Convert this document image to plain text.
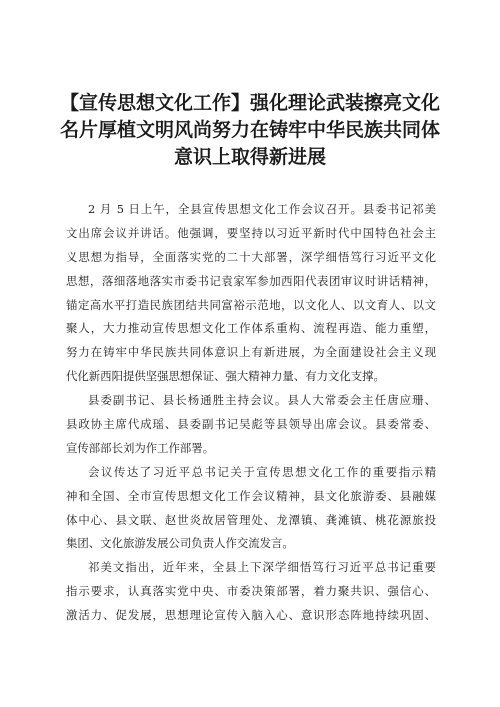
【宣传思想文化工作】强化理论武装擦亮文化
名片厚植文明风尚努力在铸牢中华民族共同体
意识上取得新进展
2 月 5 日上午，全县宣传思想文化工作会议召开。县委书记祁美
文出席会议并讲话。他强调，要坚持以习近平新时代中国特色社会主
义思想为指导，全面落实党的二十大部署，深学细悟笃行习近平文化
思想，落细落地落实市委书记袁家军参加西阳代表团审议时讲话精神，
锚定高水平打造民族团结共同富裕示范地，以文化人、以文育人、以文
聚人，大力推动宣传思想文化工作体系重构、流程再造、能力重塑，
努力在铸牢中华民族共同体意识上有新进展，为全面建设社会主义现
代化新西阳提供坚强思想保证、强大精神力量、有力文化支撑。
县委副书记、县长杨通胜主持会议。县人大常委会主任唐应珊、
县政协主席代成瑶、县委副书记吴彪等县领导出席会议。县委常委、
宣传部部长刘为作工作部署。
会议传达了习近平总书记关于宣传思想文化工作的重要指示精
神和全国、全市宣传思想文化工作会议精神，县文化旅游委、县融媒
体中心、县文联、赵世炎故居管理处、龙潭镇、龚滩镇、桃花源旅投
集团、文化旅游发展公司负责人作交流发言。
祁美文指出，近年来，全县上下深学细悟笃行习近平总书记重要
指示要求，认真落实党中央、市委决策部署，着力聚共识、强信心、
激活力、促发展，思想理论宣传入脑入心、意识形态阵地持续巩固、
